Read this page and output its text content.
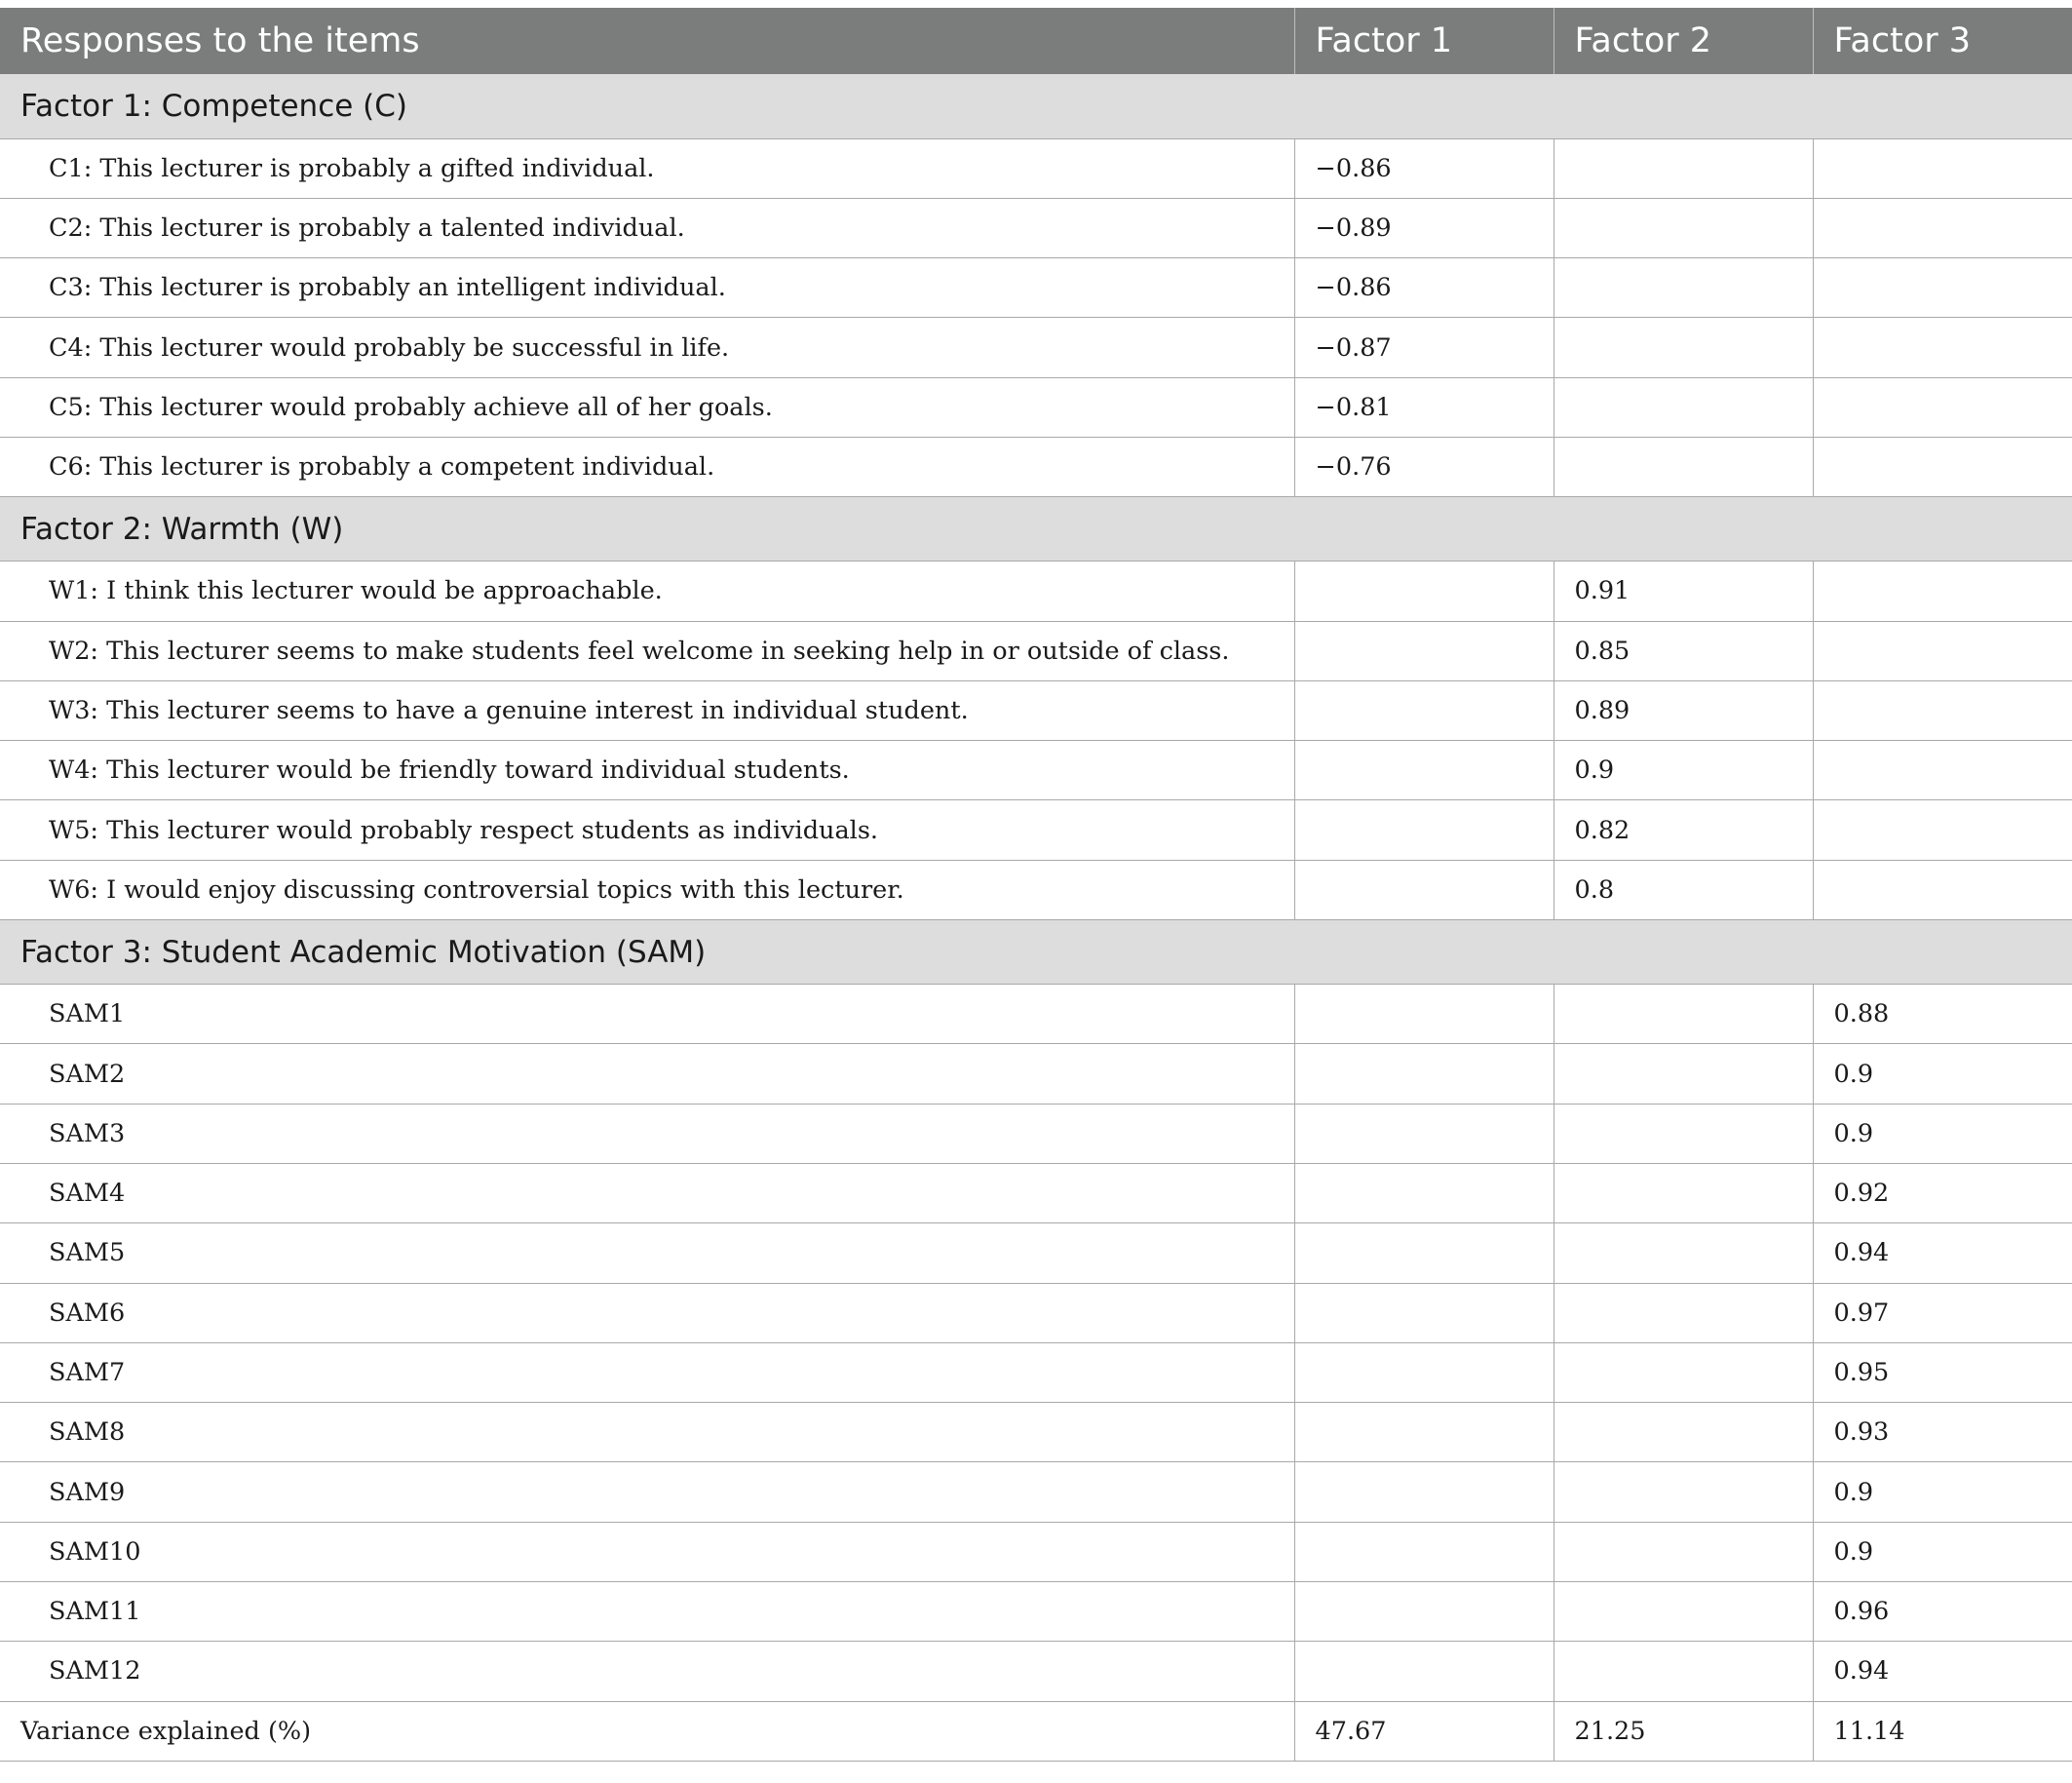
Responses to the items	Factor 1	Factor 2	Factor 3
Factor 1: Competence (C)			
C1: This lecturer is probably a gifted individual.	−0.86		
C2: This lecturer is probably a talented individual.	−0.89		
C3: This lecturer is probably an intelligent individual.	−0.86		
C4: This lecturer would probably be successful in life.	−0.87		
C5: This lecturer would probably achieve all of her goals.	−0.81		
C6: This lecturer is probably a competent individual.	−0.76		
Factor 2: Warmth (W)			
W1: I think this lecturer would be approachable.		0.91	
W2: This lecturer seems to make students feel welcome in seeking help in or outside of class.		0.85	
W3: This lecturer seems to have a genuine interest in individual student.		0.89	
W4: This lecturer would be friendly toward individual students.		0.9	
W5: This lecturer would probably respect students as individuals.		0.82	
W6: I would enjoy discussing controversial topics with this lecturer.		0.8	
Factor 3: Student Academic Motivation (SAM)			
SAM1			0.88
SAM2			0.9
SAM3			0.9
SAM4			0.92
SAM5			0.94
SAM6			0.97
SAM7			0.95
SAM8			0.93
SAM9			0.9
SAM10			0.9
SAM11			0.96
SAM12			0.94
Variance explained (%)	47.67	21.25	11.14
